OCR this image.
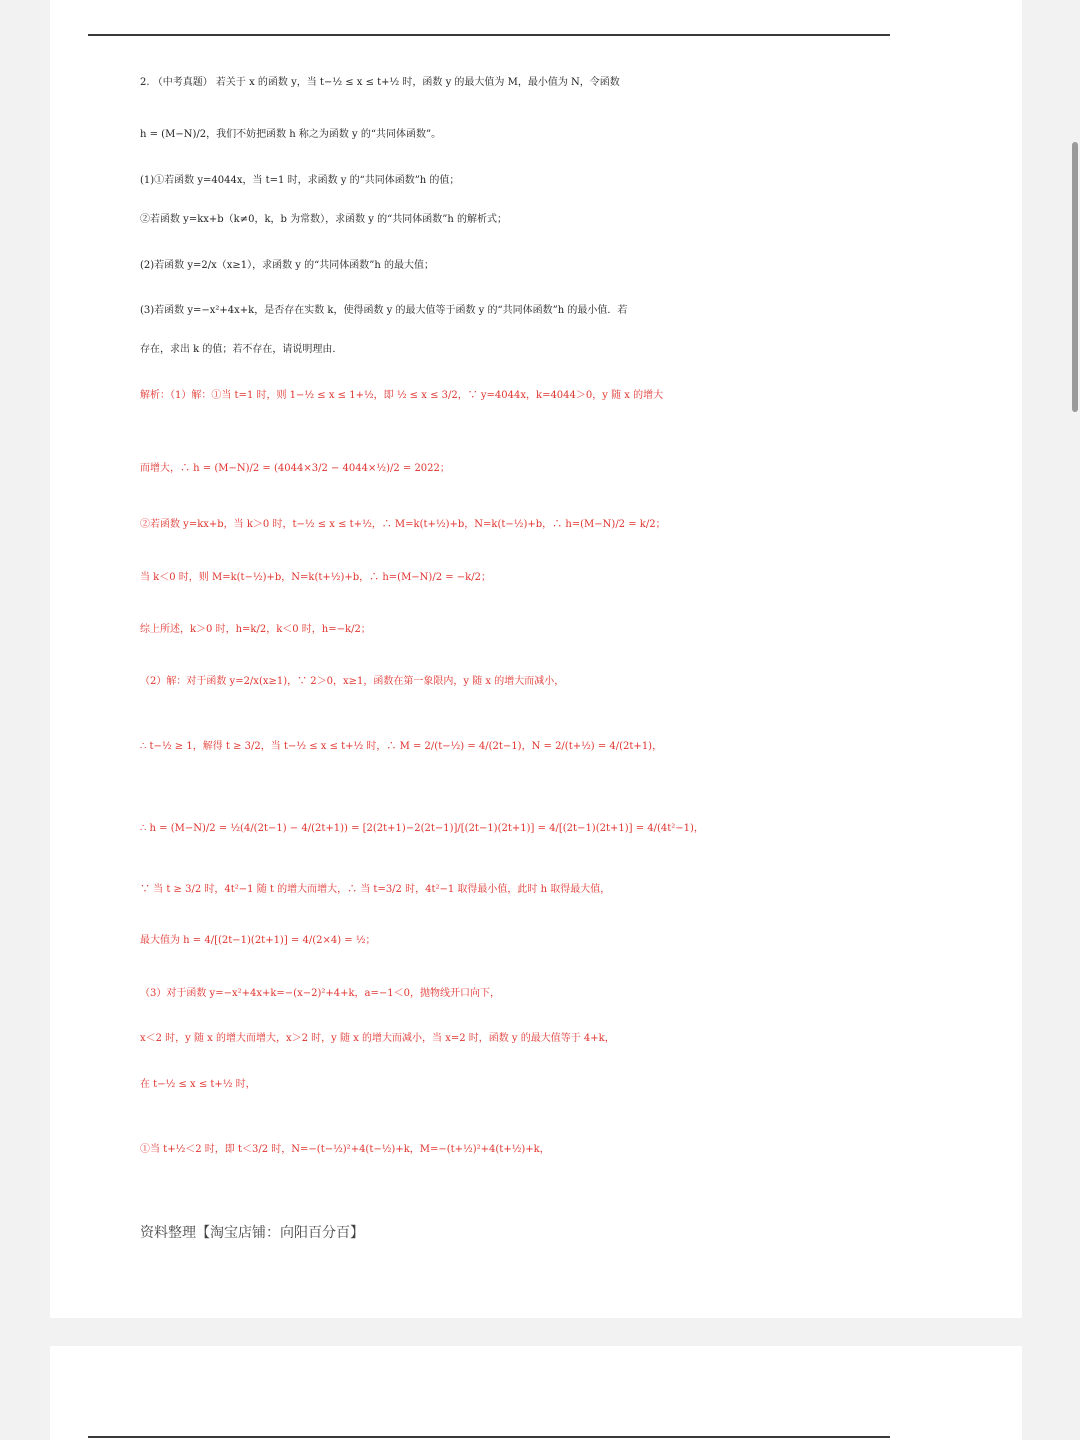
2. （中考真题） 若关于 x 的函数 y，当 t−½ ≤ x ≤ t+½ 时，函数 y 的最大值为 M，最小值为 N，令函数
h = (M−N)/2，我们不妨把函数 h 称之为函数 y 的“共同体函数”。
(1)①若函数 y=4044x，当 t=1 时，求函数 y 的“共同体函数”h 的值；
②若函数 y=kx+b（k≠0，k，b 为常数），求函数 y 的“共同体函数”h 的解析式；
(2)若函数 y=2/x（x≥1），求函数 y 的“共同体函数”h 的最大值；
(3)若函数 y=−x²+4x+k，是否存在实数 k，使得函数 y 的最大值等于函数 y 的“共同体函数”h 的最小值．若
存在，求出 k 的值；若不存在，请说明理由．
解析：（1）解：①当 t=1 时，则 1−½ ≤ x ≤ 1+½，即 ½ ≤ x ≤ 3/2，∵ y=4044x，k=4044＞0，y 随 x 的增大
而增大，∴ h = (M−N)/2 = (4044×3/2 − 4044×½)/2 = 2022；
②若函数 y=kx+b，当 k＞0 时，t−½ ≤ x ≤ t+½，∴ M=k(t+½)+b，N=k(t−½)+b，∴ h=(M−N)/2 = k/2；
当 k＜0 时，则 M=k(t−½)+b，N=k(t+½)+b，∴ h=(M−N)/2 = −k/2；
综上所述，k＞0 时，h=k/2，k＜0 时，h=−k/2；
（2）解：对于函数 y=2/x(x≥1)，∵ 2＞0，x≥1，函数在第一象限内，y 随 x 的增大而减小，
∴ t−½ ≥ 1，解得 t ≥ 3/2，当 t−½ ≤ x ≤ t+½ 时，∴ M = 2/(t−½) = 4/(2t−1)，N = 2/(t+½) = 4/(2t+1)，
∴ h = (M−N)/2 = ½(4/(2t−1) − 4/(2t+1)) = [2(2t+1)−2(2t−1)]/[(2t−1)(2t+1)] = 4/[(2t−1)(2t+1)] = 4/(4t²−1)，
∵ 当 t ≥ 3/2 时，4t²−1 随 t 的增大而增大，∴ 当 t=3/2 时，4t²−1 取得最小值，此时 h 取得最大值，
最大值为 h = 4/[(2t−1)(2t+1)] = 4/(2×4) = ½；
（3）对于函数 y=−x²+4x+k=−(x−2)²+4+k，a=−1＜0，抛物线开口向下，
x＜2 时，y 随 x 的增大而增大，x＞2 时，y 随 x 的增大而减小，当 x=2 时，函数 y 的最大值等于 4+k，
在 t−½ ≤ x ≤ t+½ 时，
①当 t+½＜2 时，即 t＜3/2 时，N=−(t−½)²+4(t−½)+k，M=−(t+½)²+4(t+½)+k，
资料整理【淘宝店铺：向阳百分百】
